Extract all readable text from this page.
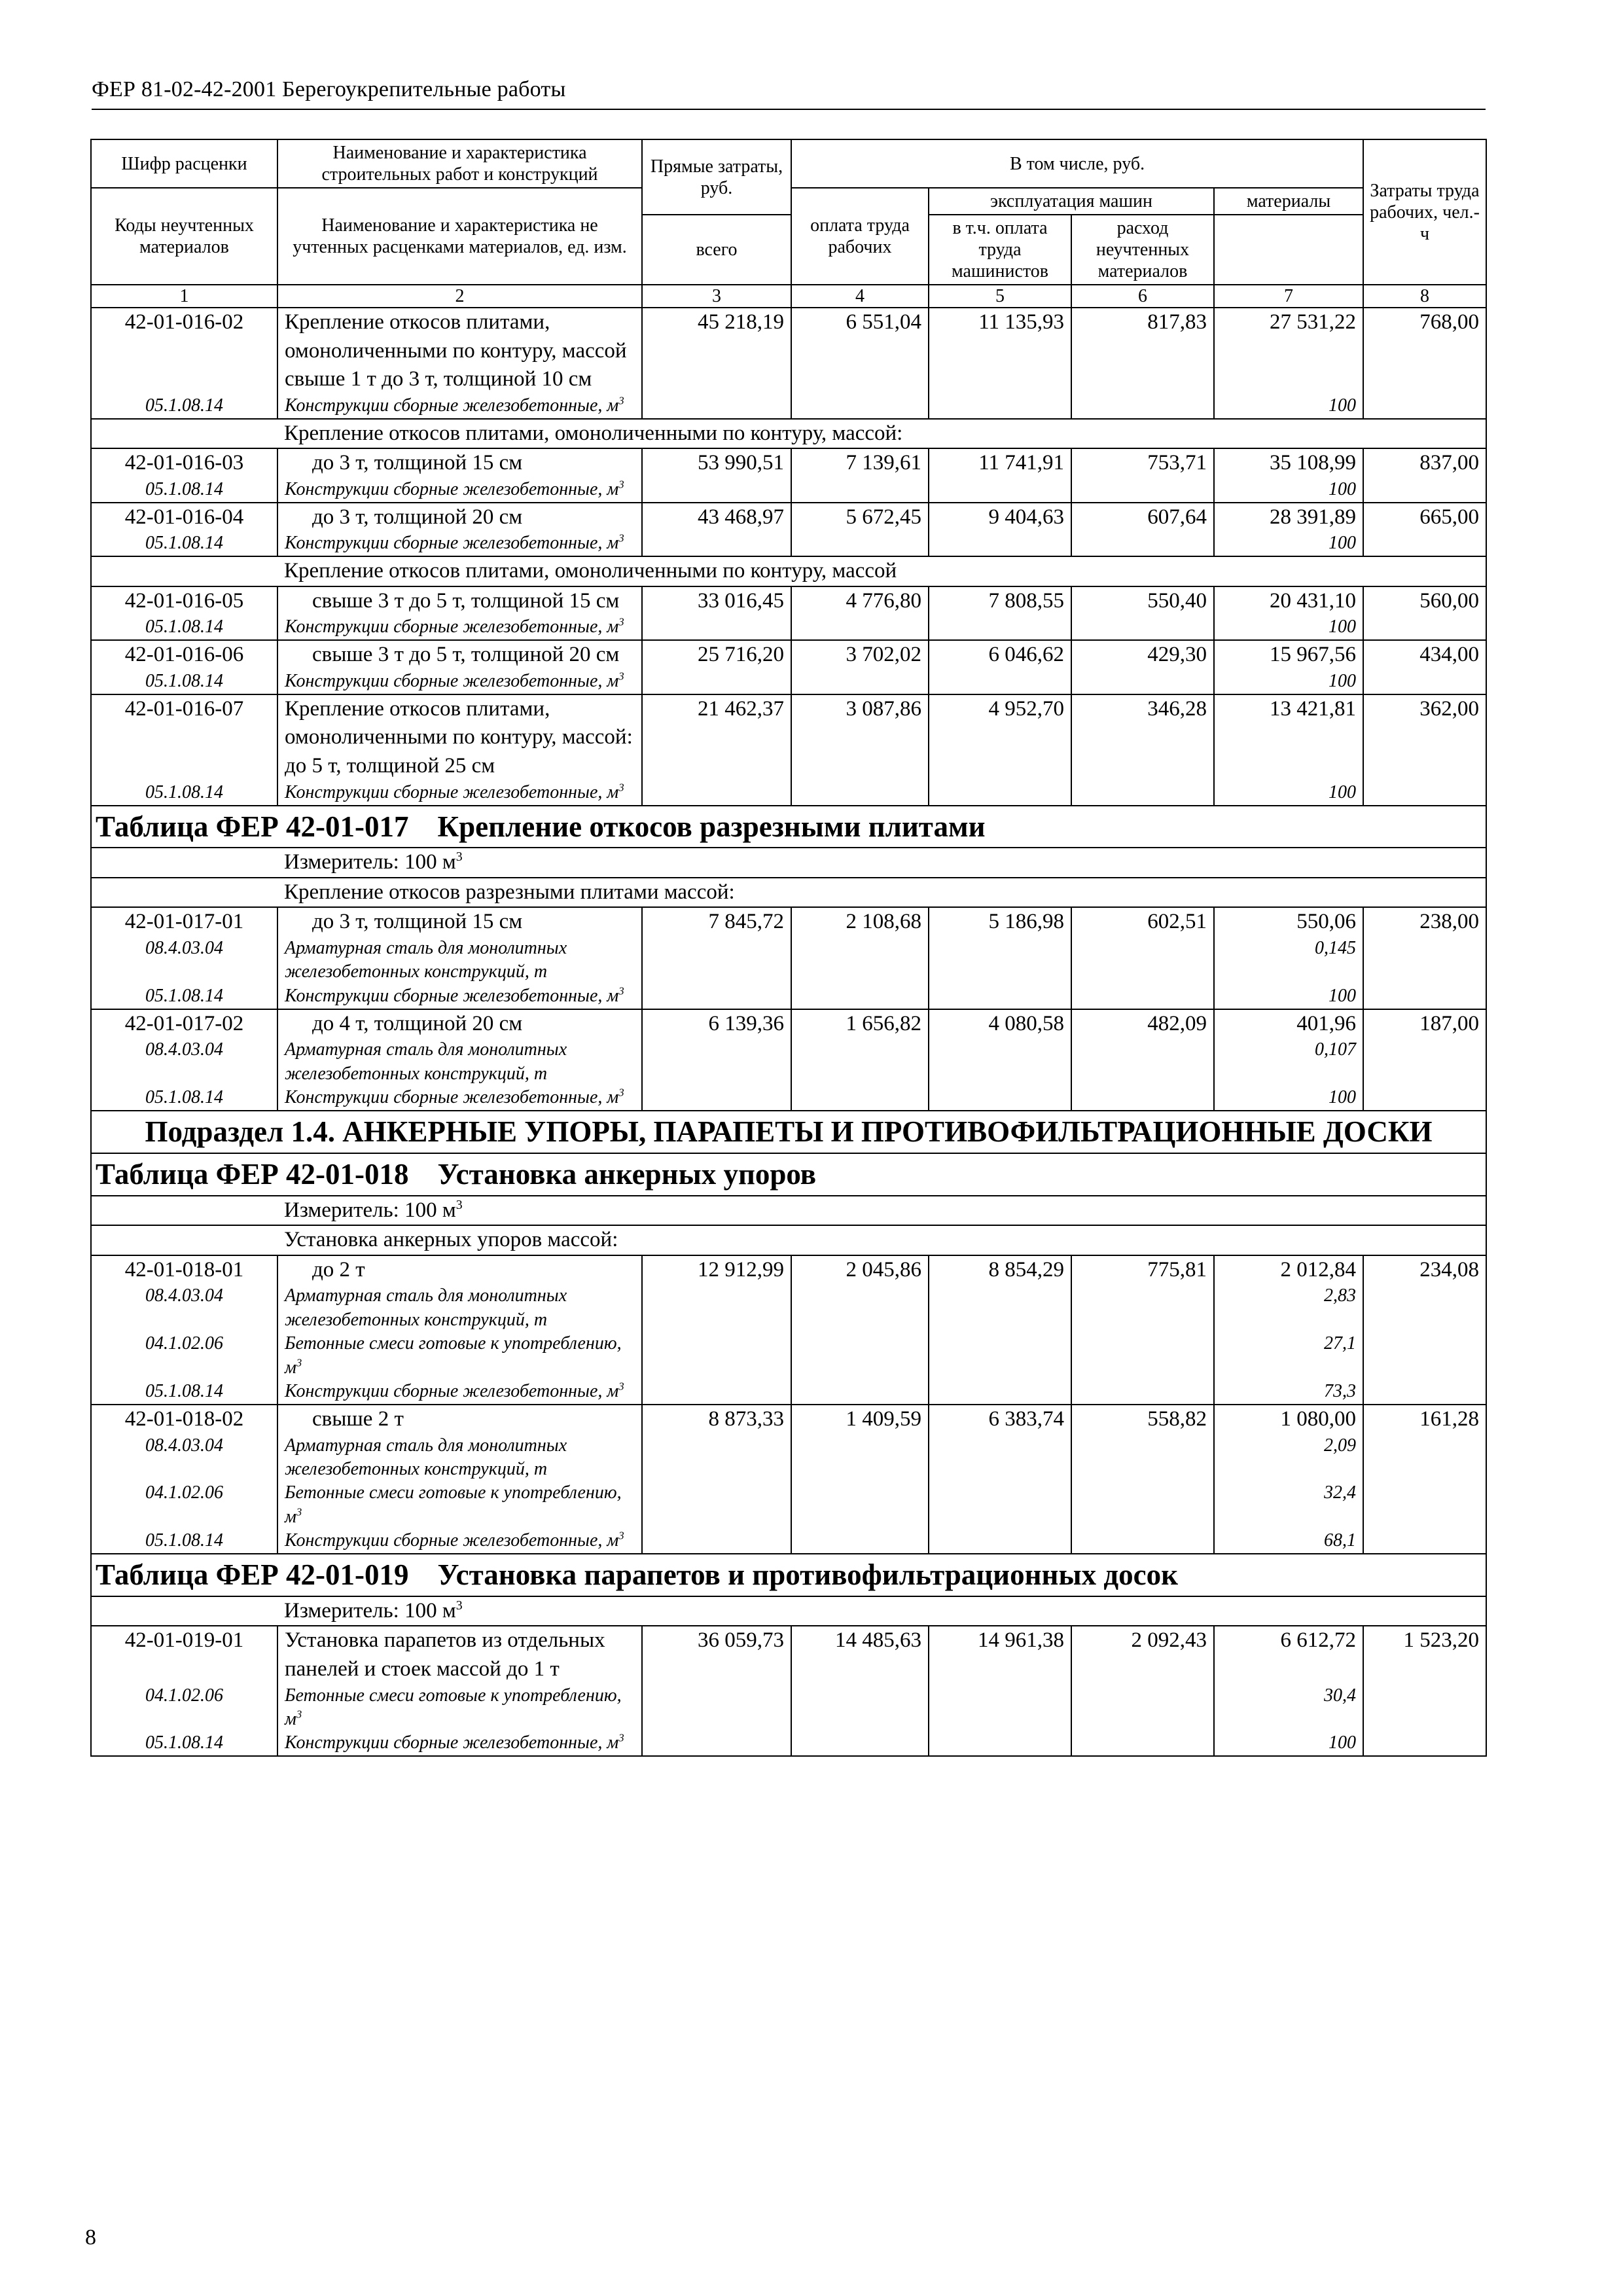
ФЕР 81-02-42-2001 Берегоукрепительные работы
Шифр расценки	Наименование и характеристика строительных работ и конструкций	Прямые затраты, руб.	В том числе, руб.				Затраты труда рабочих, чел.-ч
Коды неучтенных материалов	Наименование и характеристика не учтенных расценками материалов, ед. изм.						
			оплата труда рабочих	эксплуатация машин		материалы	
		всего		в т.ч. оплата труда машинистов	расход неучтенных материалов		
1	2	3	4	5	6	7	8
42-01-016-02	Крепление откосов плитами, омоноличенными по контуру, массой свыше 1 т до 3 т, толщиной 10 см	45 218,19	6 551,04	11 135,93	817,83	27 531,22	768,00
05.1.08.14	Конструкции сборные железобетонные, $м^3$					100	
	Крепление откосов плитами, омоноличенными по контуру, массой:						
42-01-016-03	до 3 т, толщиной 15 см	53 990,51	7 139,61	11 741,91	753,71	35 108,99	837,00
05.1.08.14	Конструкции сборные железобетонные, $м^3$					100	
42-01-016-04	до 3 т, толщиной 20 см	43 468,97	5 672,45	9 404,63	607,64	28 391,89	665,00
05.1.08.14	Конструкции сборные железобетонные, $м^3$					100	
	Крепление откосов плитами, омоноличенными по контуру, массой						
42-01-016-05	свыше 3 т до 5 т, толщиной 15 см	33 016,45	4 776,80	7 808,55	550,40	20 431,10	560,00
05.1.08.14	Конструкции сборные железобетонные, $м^3$					100	
42-01-016-06	свыше 3 т до 5 т, толщиной 20 см	25 716,20	3 702,02	6 046,62	429,30	15 967,56	434,00
05.1.08.14	Конструкции сборные железобетонные, $м^3$					100	
42-01-016-07	Крепление откосов плитами, омоноличенными по контуру, массой: до 5 т, толщиной 25 см	21 462,37	3 087,86	4 952,70	346,28	13 421,81	362,00
05.1.08.14	Конструкции сборные железобетонные, $м^3$					100	
Таблица ФЕР 42-01-017 Крепление откосов разрезными плитами							
	Измеритель: 100 $м^3$
	Крепление откосов разрезными плитами массой:						
42-01-017-01	до 3 т, толщиной 15 см	7 845,72	2 108,68	5 186,98	602,51	550,06	238,00
08.4.03.04	Арматурная сталь для монолитных железобетонных конструкций, т					0,145	
05.1.08.14	Конструкции сборные железобетонные, $м^3$					100	
42-01-017-02	до 4 т, толщиной 20 см	6 139,36	1 656,82	4 080,58	482,09	401,96	187,00
08.4.03.04	Арматурная сталь для монолитных железобетонных конструкций, т					0,107	
05.1.08.14	Конструкции сборные железобетонные, $м^3$					100	
Подраздел 1.4. АНКЕРНЫЕ УПОРЫ, ПАРАПЕТЫ И ПРОТИВОФИЛЬТРАЦИОННЫЕ ДОСКИ							
Таблица ФЕР 42-01-018 Установка анкерных упоров							
	Измеритель: 100 $м^3$
	Установка анкерных упоров массой:						
42-01-018-01	до 2 т	12 912,99	2 045,86	8 854,29	775,81	2 012,84	234,08
08.4.03.04	Арматурная сталь для монолитных железобетонных конструкций, т					2,83	
04.1.02.06	Бетонные смеси готовые к употреблению, $м^3$					27,1	
05.1.08.14	Конструкции сборные железобетонные, $м^3$					73,3	
42-01-018-02	свыше 2 т	8 873,33	1 409,59	6 383,74	558,82	1 080,00	161,28
08.4.03.04	Арматурная сталь для монолитных железобетонных конструкций, т					2,09	
04.1.02.06	Бетонные смеси готовые к употреблению, $м^3$					32,4	
05.1.08.14	Конструкции сборные железобетонные, $м^3$					68,1	
Таблица ФЕР 42-01-019 Установка парапетов и противофильтрационных досок							
	Измеритель: 100 $м^3$
42-01-019-01	Установка парапетов из отдельных панелей и стоек массой до 1 т	36 059,73	14 485,63	14 961,38	2 092,43	6 612,72	1 523,20
04.1.02.06	Бетонные смеси готовые к употреблению, $м^3$					30,4	
05.1.08.14	Конструкции сборные железобетонные, $м^3$					100	
8
